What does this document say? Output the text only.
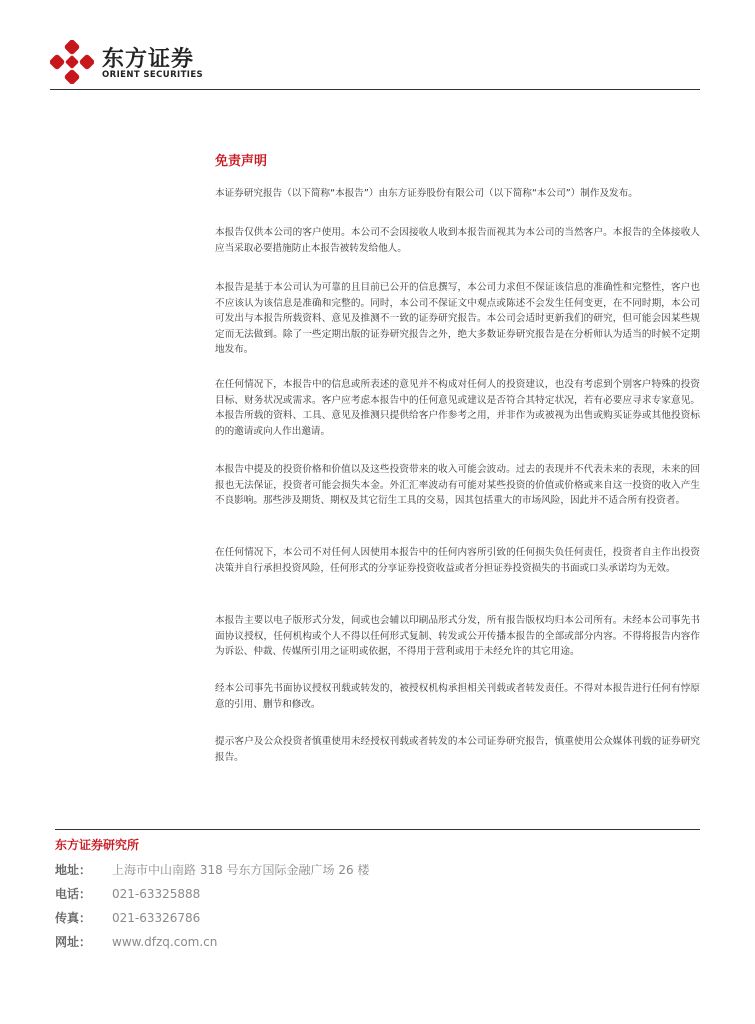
东方证券
ORIENT SECURITIES
免责声明
本证券研究报告（以下简称“本报告”）由东方证券股份有限公司（以下简称“本公司”）制作及发布。
本报告仅供本公司的客户使用。本公司不会因接收人收到本报告而视其为本公司的当然客户。本报告的全体接收人应当采取必要措施防止本报告被转发给他人。
本报告是基于本公司认为可靠的且目前已公开的信息撰写，本公司力求但不保证该信息的准确性和完整性，客户也不应该认为该信息是准确和完整的。同时，本公司不保证文中观点或陈述不会发生任何变更，在不同时期，本公司可发出与本报告所载资料、意见及推测不一致的证券研究报告。本公司会适时更新我们的研究，但可能会因某些规定而无法做到。除了一些定期出版的证券研究报告之外，绝大多数证券研究报告是在分析师认为适当的时候不定期地发布。
在任何情况下，本报告中的信息或所表述的意见并不构成对任何人的投资建议，也没有考虑到个别客户特殊的投资目标、财务状况或需求。客户应考虑本报告中的任何意见或建议是否符合其特定状况，若有必要应寻求专家意见。本报告所载的资料、工具、意见及推测只提供给客户作参考之用，并非作为或被视为出售或购买证券或其他投资标的的邀请或向人作出邀请。
本报告中提及的投资价格和价值以及这些投资带来的收入可能会波动。过去的表现并不代表未来的表现，未来的回报也无法保证，投资者可能会损失本金。外汇汇率波动有可能对某些投资的价值或价格或来自这一投资的收入产生不良影响。那些涉及期货、期权及其它衍生工具的交易，因其包括重大的市场风险，因此并不适合所有投资者。
在任何情况下，本公司不对任何人因使用本报告中的任何内容所引致的任何损失负任何责任，投资者自主作出投资决策并自行承担投资风险，任何形式的分享证券投资收益或者分担证券投资损失的书面或口头承诺均为无效。
本报告主要以电子版形式分发，间或也会辅以印刷品形式分发，所有报告版权均归本公司所有。未经本公司事先书面协议授权，任何机构或个人不得以任何形式复制、转发或公开传播本报告的全部或部分内容。不得将报告内容作为诉讼、仲裁、传媒所引用之证明或依据，不得用于营利或用于未经允许的其它用途。
经本公司事先书面协议授权刊载或转发的，被授权机构承担相关刊载或者转发责任。不得对本报告进行任何有悖原意的引用、删节和修改。
提示客户及公众投资者慎重使用未经授权刊载或者转发的本公司证券研究报告，慎重使用公众媒体刊载的证券研究报告。
东方证券研究所
地址： 上海市中山南路 318 号东方国际金融广场 26 楼
电话： 021-63325888
传真： 021-63326786
网址： www.dfzq.com.cn
